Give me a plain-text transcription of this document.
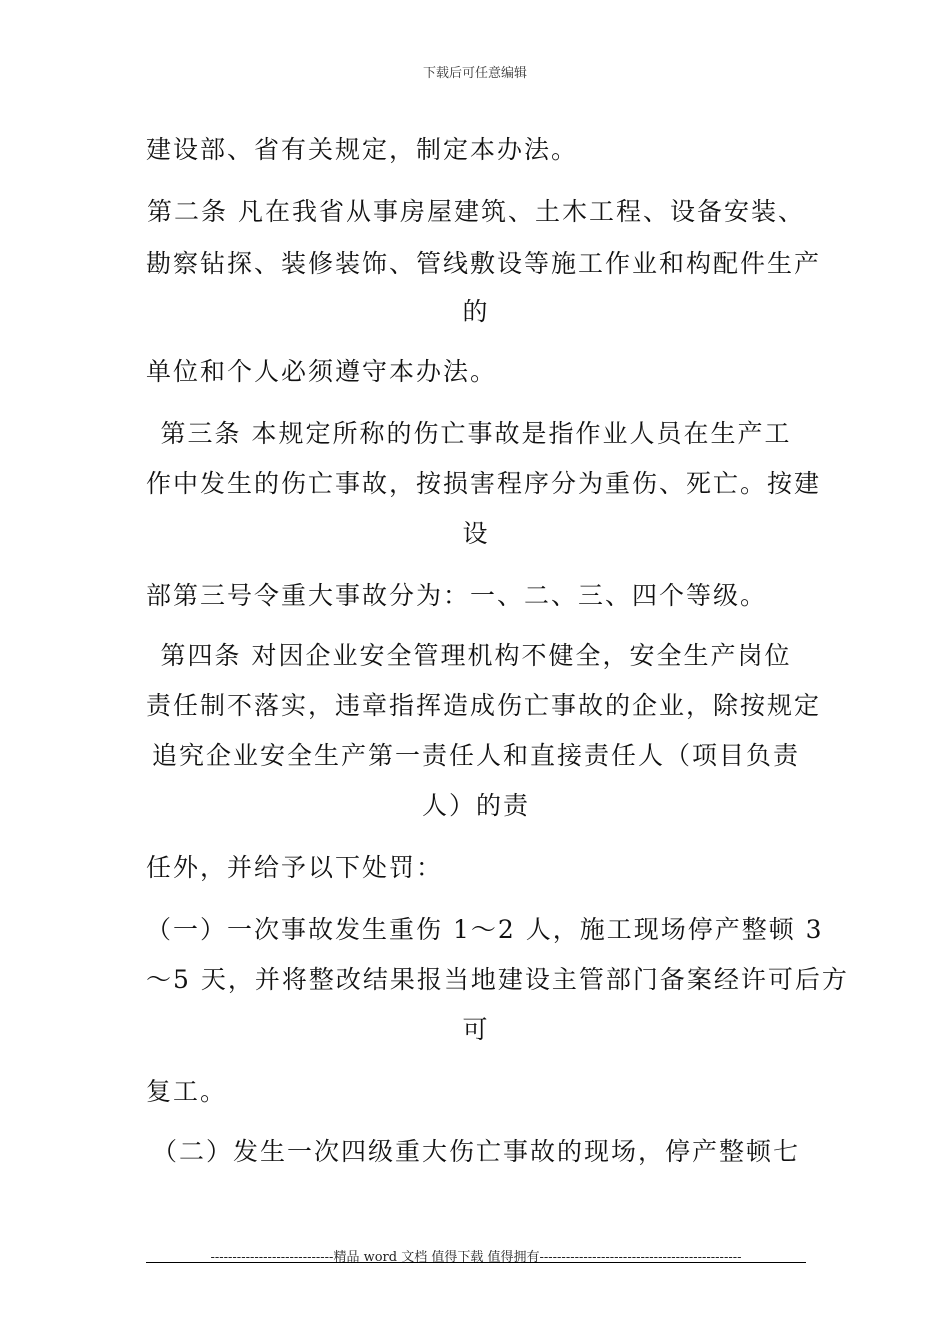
下载后可任意编辑
建设部、省有关规定，制定本办法。
第二条 凡在我省从事房屋建筑、土木工程、设备安装、
勘察钻探、装修装饰、管线敷设等施工作业和构配件生产
的
单位和个人必须遵守本办法。
第三条 本规定所称的伤亡事故是指作业人员在生产工
作中发生的伤亡事故，按损害程序分为重伤、死亡。按建
设
部第三号令重大事故分为：一、二、三、四个等级。
第四条 对因企业安全管理机构不健全，安全生产岗位
责任制不落实，违章指挥造成伤亡事故的企业，除按规定
追究企业安全生产第一责任人和直接责任人（项目负责
人）的责
任外，并给予以下处罚：
（一）一次事故发生重伤 1～2 人，施工现场停产整顿 3
～5 天，并将整改结果报当地建设主管部门备案经许可后方
可
复工。
（二）发生一次四级重大伤亡事故的现场，停产整顿七
----------------------------精品 word 文档 值得下载 值得拥有----------------------------------------------
